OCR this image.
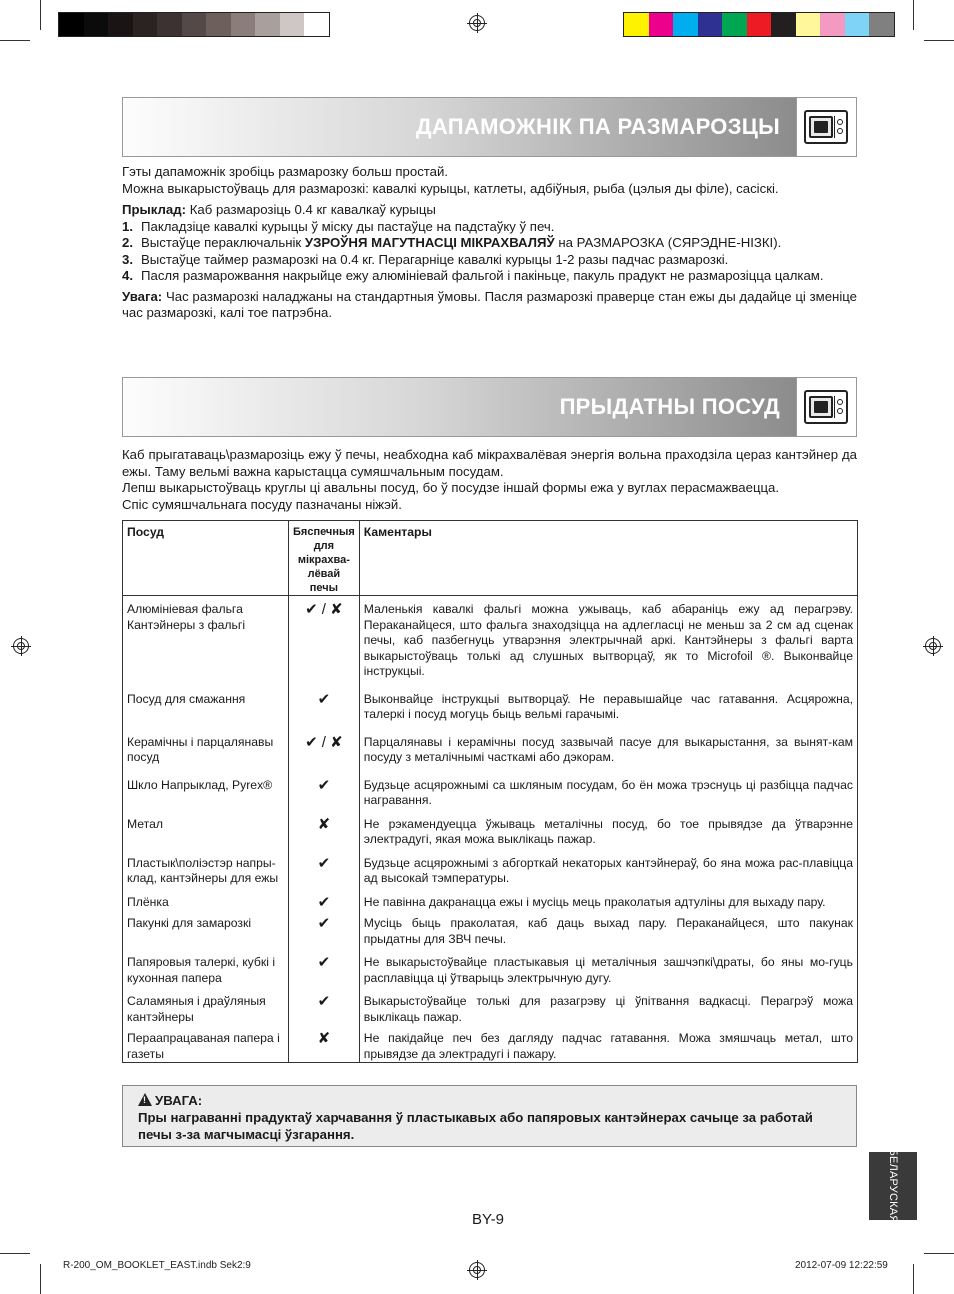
ДАПАМОЖНІК ПА РАЗМАРОЗЦЫ

Гэты дапаможнік зробіць размарозку больш простай.

Можна выкарыстоўваць для размарозкі: кавалкі курыцы, катлеты, адбіўныя, рыба (цэлыя ды філе), сасіскі.

Прыклад: Каб размарозіць 0.4 кг кавалкаў курыцы

1. Пакладзіце кавалкі курыцы ў міску ды пастаўце на падстаўку ў печ.
2. Выстаўце пераключальнік УЗРОЎНЯ МАГУТНАСЦІ МІКРАХВАЛЯЎ на РАЗМАРОЗКА (СЯРЭДНЕ-НІЗКІ).
3. Выстаўце таймер размарозкі на 0.4 кг. Перагарніце кавалкі курыцы 1-2 разы падчас размарозкі.
4. Пасля размарожвання накрыйце ежу алюмініевай фальгой і пакіньце, пакуль прадукт не размарозіцца цалкам.

Увага: Час размарозкі наладжаны на стандартныя ўмовы. Пасля размарозкі праверце стан ежы ды дадайце ці зменіце час размарозкі, калі тое патрэбна.

ПРЫДАТНЫ ПОСУД

Каб прыгатаваць\размарозіць ежу ў печы, неабходна каб мікрахвалёвая энергія вольна праходзіла цераз кантэйнер да ежы. Таму вельмі важна карыстацца сумяшчальным посудам.

Лепш выкарыстоўваць круглы ці авальны посуд, бо ў посудзе іншай формы ежа у вуглах перасмажваецца.

Спіс сумяшчальнага посуду пазначаны ніжэй.

Посуд	Бяспечныя для мікрахва-лёвай печы	Каментары
Алюмініевая фальга Кантэйнеры з фальгі	✔ / ✘	Маленькія кавалкі фальгі можна ужываць, каб абараніць ежу ад перагрэву. Пераканайцеся, што фальга знаходзіцца на адлегласці не меньш за 2 см ад сценак печы, каб пазбегнуць утварэння электрычнай аркі. Кантэйнеры з фальгі варта выкарыстоўваць толькі ад слушных вытворцаў, як то Microfoil ®. Выконвайце інструкцыі.
Посуд для смажання	✔	Выконвайце інструкцыі вытворцаў. Не перавышайце час гатавання. Асцярожна, талеркі і посуд могуць быць вельмі гарачымі.
Керамічны і парцалянавы посуд	✔ / ✘	Парцалянавы і керамічны посуд зазвычай пасуе для выкарыстання, за вынят-кам посуду з металічнымі часткамі або дэкорам.
Шкло Напрыклад, Pyrex®	✔	Будзьце асцярожнымі са шкляным посудам, бо ён можа трэснуць ці разбіцца падчас награвання.
Метал	✘	Не рэкамендуецца ўжываць металічны посуд, бо тое прывядзе да ўтварэнне электрадугі, якая можа выклікаць пажар.
Пластык\поліэстэр напры-клад, кантэйнеры для ежы	✔	Будзьце асцярожнымі з абгорткай некаторых кантэйнераў, бо яна можа рас-плавіцца ад высокай тэмпературы.
Плёнка	✔	Не павінна дакранацца ежы і мусіць мець праколатыя адтуліны для выхаду пару.
Пакункі для замарозкі	✔	Мусіць быць праколатая, каб даць выхад пару. Пераканайцеся, што пакунак прыдатны для ЗВЧ печы.
Папяровыя талеркі, кубкі і кухонная папера	✔	Не выкарыстоўвайце пластыкавыя ці металічныя зашчэпкі\драты, бо яны мо-гуць расплавіцца ці ўтварыць электрычную дугу.
Саламяныя і драўляныя кантэйнеры	✔	Выкарыстоўвайце толькі для разагрэву ці ўпітвання вадкасці. Перагрэў можа выклікаць пажар.
Пераапрацаваная папера і газеты	✘	Не пакідайце печ без дагляду падчас гатавання. Можа змяшчаць метал, што прывядзе да электрадугі і пажару.
!УВАГА:
Пры награванні прадуктаў харчавання ў пластыкавых або папяровых кантэйнерах сачыце за работай печы з-за магчымасці ўзгарання.
БЕЛАРУСКАЯ
BY-9
R-200_OM_BOOKLET_EAST.indb Sek2:9	2012-07-09 12:22:59
